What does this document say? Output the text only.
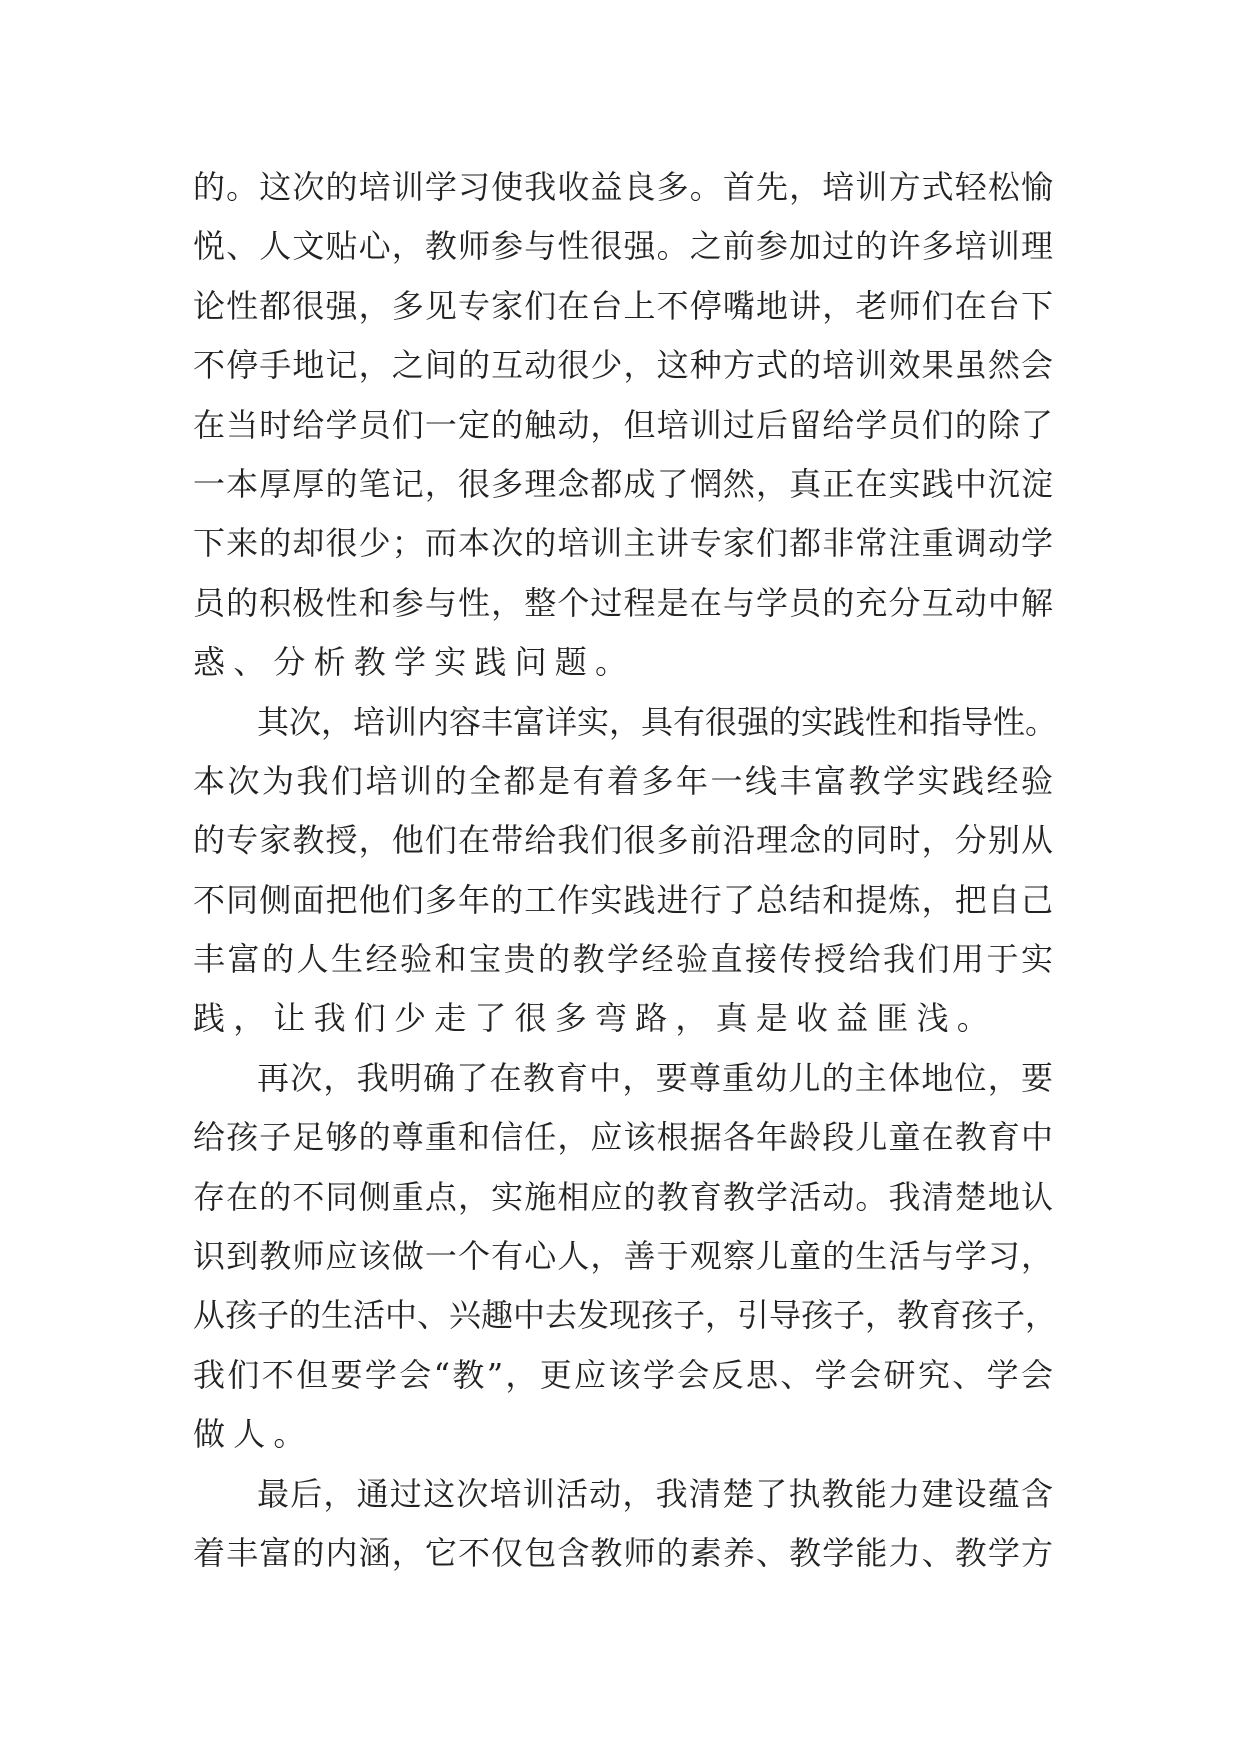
的。这次的培训学习使我收益良多。首先，培训方式轻松愉
悦、人文贴心，教师参与性很强。之前参加过的许多培训理
论性都很强，多见专家们在台上不停嘴地讲，老师们在台下
不停手地记，之间的互动很少，这种方式的培训效果虽然会
在当时给学员们一定的触动，但培训过后留给学员们的除了
一本厚厚的笔记，很多理念都成了惘然，真正在实践中沉淀
下来的却很少；而本次的培训主讲专家们都非常注重调动学
员的积极性和参与性，整个过程是在与学员的充分互动中解
惑、分析教学实践问题。
其次，培训内容丰富详实，具有很强的实践性和指导性。
本次为我们培训的全都是有着多年一线丰富教学实践经验
的专家教授，他们在带给我们很多前沿理念的同时，分别从
不同侧面把他们多年的工作实践进行了总结和提炼，把自己
丰富的人生经验和宝贵的教学经验直接传授给我们用于实
践，让我们少走了很多弯路，真是收益匪浅。
再次，我明确了在教育中，要尊重幼儿的主体地位，要
给孩子足够的尊重和信任，应该根据各年龄段儿童在教育中
存在的不同侧重点，实施相应的教育教学活动。我清楚地认
识到教师应该做一个有心人，善于观察儿童的生活与学习，
从孩子的生活中、兴趣中去发现孩子，引导孩子，教育孩子，
我们不但要学会“教”，更应该学会反思、学会研究、学会
做人。
最后，通过这次培训活动，我清楚了执教能力建设蕴含
着丰富的内涵，它不仅包含教师的素养、教学能力、教学方
